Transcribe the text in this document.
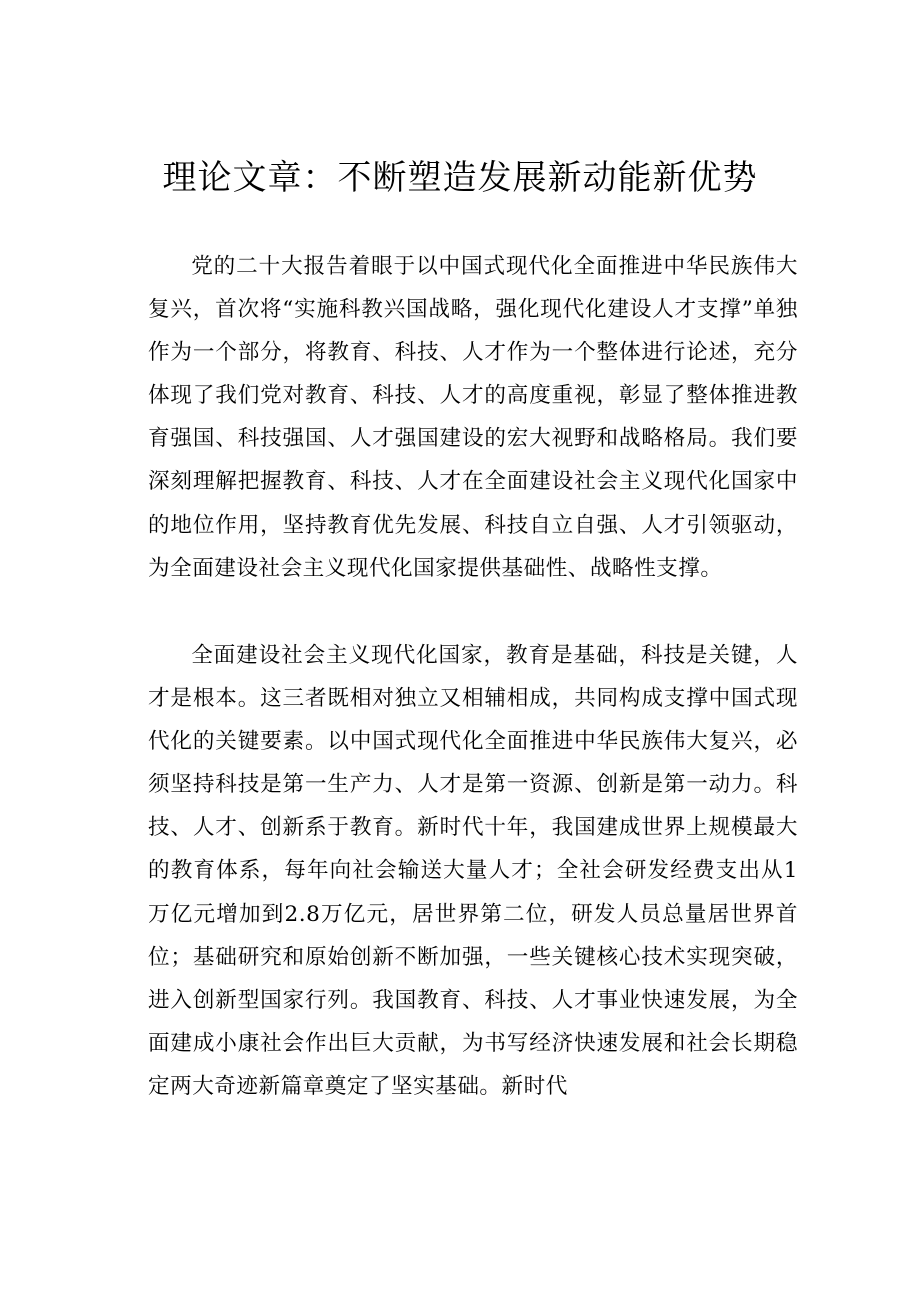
理论文章：不断塑造发展新动能新优势

党的二十大报告着眼于以中国式现代化全面推进中华民族伟大复兴，首次将“实施科教兴国战略，强化现代化建设人才支撑”单独作为一个部分，将教育、科技、人才作为一个整体进行论述，充分体现了我们党对教育、科技、人才的高度重视，彰显了整体推进教育强国、科技强国、人才强国建设的宏大视野和战略格局。我们要深刻理解把握教育、科技、人才在全面建设社会主义现代化国家中的地位作用，坚持教育优先发展、科技自立自强、人才引领驱动，为全面建设社会主义现代化国家提供基础性、战略性支撑。

全面建设社会主义现代化国家，教育是基础，科技是关键，人才是根本。这三者既相对独立又相辅相成，共同构成支撑中国式现代化的关键要素。以中国式现代化全面推进中华民族伟大复兴，必须坚持科技是第一生产力、人才是第一资源、创新是第一动力。科技、人才、创新系于教育。新时代十年，我国建成世界上规模最大的教育体系，每年向社会输送大量人才；全社会研发经费支出从1万亿元增加到2.8万亿元，居世界第二位，研发人员总量居世界首位；基础研究和原始创新不断加强，一些关键核心技术实现突破，进入创新型国家行列。我国教育、科技、人才事业快速发展，为全面建成小康社会作出巨大贡献，为书写经济快速发展和社会长期稳定两大奇迹新篇章奠定了坚实基础。新时代
